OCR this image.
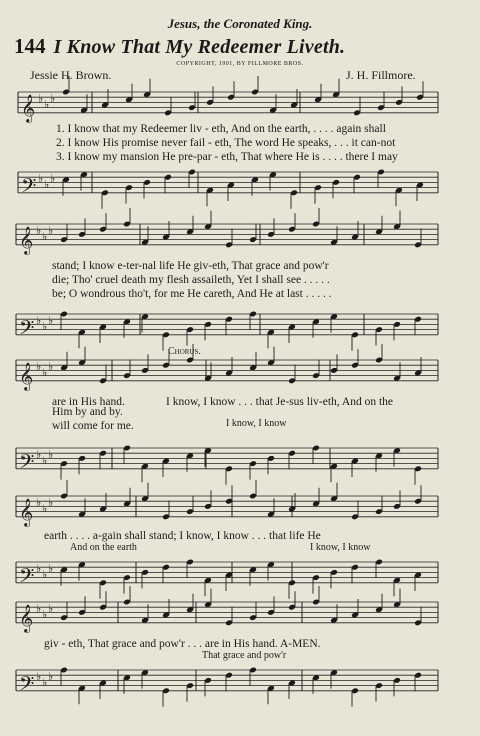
Jesus, the Coronated King.
144 I Know That My Redeemer Liveth.
COPYRIGHT, 1901, BY FILLMORE BROS.
Jessie H. Brown.	J. H. Fillmore.
𝄞 ♭ ♭ ♭
𝄢 ♭ ♭ ♭
𝄞 ♭ ♭ ♭
𝄢 ♭ ♭ ♭
𝄞 ♭ ♭ ♭
𝄢 ♭ ♭ ♭
𝄞 ♭ ♭ ♭
𝄢 ♭ ♭ ♭
𝄞 ♭ ♭ ♭
𝄢 ♭ ♭ ♭
1. I know that my Redeemer liv - eth, And on the earth, . . . . again shall
2. I know His promise never fail - eth, The word He speaks, . . . it can-not
3. I know my mansion He pre-par - eth, That where He is . . . . there I may
stand; I know e-ter-nal life He giv-eth, That grace and pow'r
die; Tho' cruel death my flesh assaileth, Yet I shall see . . . . .
be; O wondrous tho't, for me He careth, And He at last . . . . .
Chorus.
are in His hand.
Him by and by.
will come for me.
I know, I know . . . that Je-sus liv-eth, And on the
I know, I know
earth . . . . a-gain shall stand; I know, I know . . . that life He
And on the earth	I know, I know
giv - eth, That grace and pow'r . . . are in His hand. A-MEN.
That grace and pow'r
